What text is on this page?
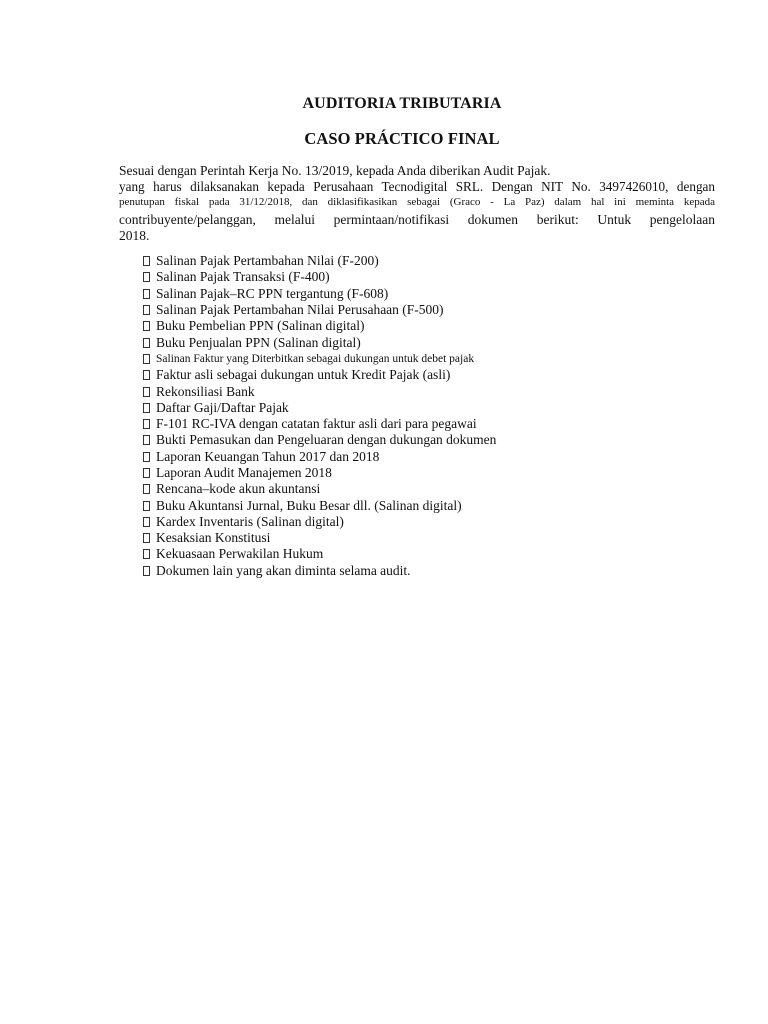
AUDITORIA TRIBUTARIA
CASO PRÁCTICO FINAL
Sesuai dengan Perintah Kerja No. 13/2019, kepada Anda diberikan Audit Pajak.
yang harus dilaksanakan kepada Perusahaan Tecnodigital SRL. Dengan NIT No. 3497426010, dengan
penutupan fiskal pada 31/12/2018, dan diklasifikasikan sebagai (Graco - La Paz) dalam hal ini meminta kepada
contribuyente/pelanggan, melalui permintaan/notifikasi dokumen berikut: Untuk pengelolaan
2018.
Salinan Pajak Pertambahan Nilai (F-200)
Salinan Pajak Transaksi (F-400)
Salinan Pajak–RC PPN tergantung (F-608)
Salinan Pajak Pertambahan Nilai Perusahaan (F-500)
Buku Pembelian PPN (Salinan digital)
Buku Penjualan PPN (Salinan digital)
Salinan Faktur yang Diterbitkan sebagai dukungan untuk debet pajak
Faktur asli sebagai dukungan untuk Kredit Pajak (asli)
Rekonsiliasi Bank
Daftar Gaji/Daftar Pajak
F-101 RC-IVA dengan catatan faktur asli dari para pegawai
Bukti Pemasukan dan Pengeluaran dengan dukungan dokumen
Laporan Keuangan Tahun 2017 dan 2018
Laporan Audit Manajemen 2018
Rencana–kode akun akuntansi
Buku Akuntansi Jurnal, Buku Besar dll. (Salinan digital)
Kardex Inventaris (Salinan digital)
Kesaksian Konstitusi
Kekuasaan Perwakilan Hukum
Dokumen lain yang akan diminta selama audit.
